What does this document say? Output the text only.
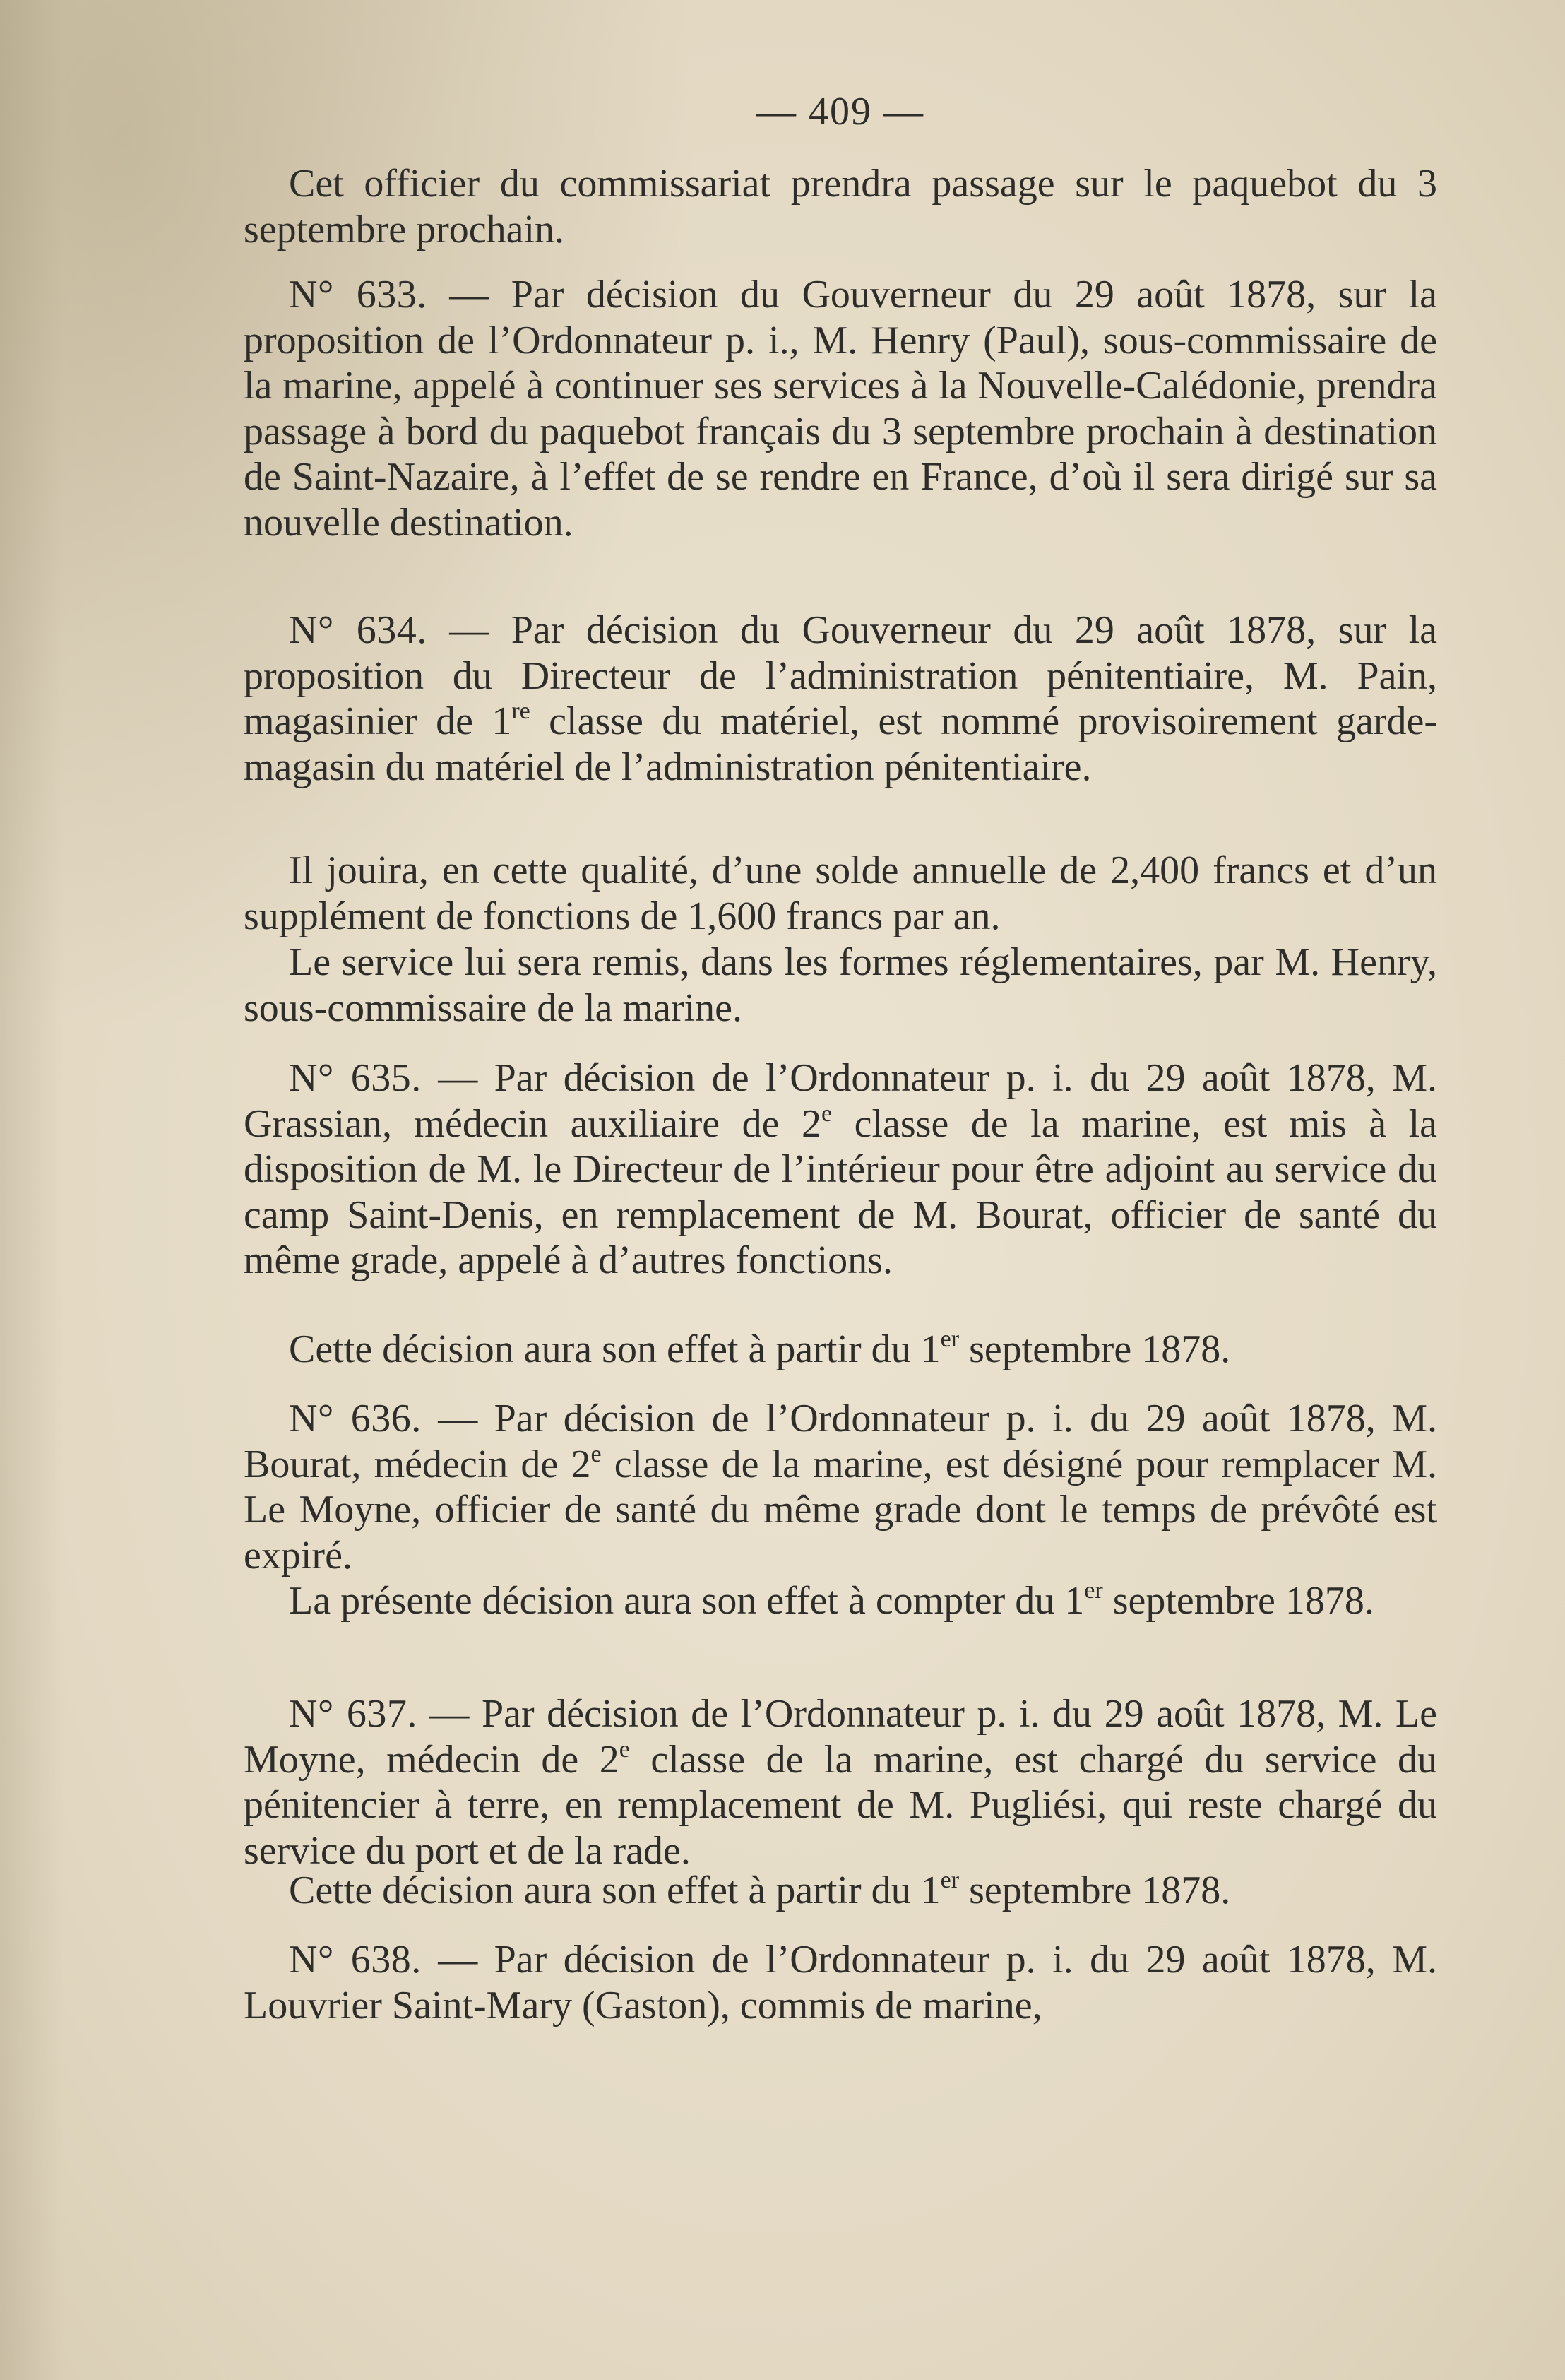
— 409 —

Cet officier du commissariat prendra passage sur le paquebot du 3 septembre prochain.

N° 633. — Par décision du Gouverneur du 29 août 1878, sur la proposition de l’Ordonnateur p. i., M. Henry (Paul), sous-commissaire de la marine, appelé à continuer ses services à la Nouvelle-Calédonie, prendra passage à bord du paquebot français du 3 septembre prochain à destination de Saint-Nazaire, à l’effet de se rendre en France, d’où il sera dirigé sur sa nouvelle destination.

N° 634. — Par décision du Gouverneur du 29 août 1878, sur la proposition du Directeur de l’administration pénitentiaire, M. Pain, magasinier de 1re classe du matériel, est nommé provisoirement garde-magasin du matériel de l’administration pénitentiaire.

Il jouira, en cette qualité, d’une solde annuelle de 2,400 francs et d’un supplément de fonctions de 1,600 francs par an.

Le service lui sera remis, dans les formes réglementaires, par M. Henry, sous-commissaire de la marine.

N° 635. — Par décision de l’Ordonnateur p. i. du 29 août 1878, M. Grassian, médecin auxiliaire de 2e classe de la marine, est mis à la disposition de M. le Directeur de l’intérieur pour être adjoint au service du camp Saint-Denis, en remplacement de M. Bourat, officier de santé du même grade, appelé à d’autres fonctions.

Cette décision aura son effet à partir du 1er septembre 1878.

N° 636. — Par décision de l’Ordonnateur p. i. du 29 août 1878, M. Bourat, médecin de 2e classe de la marine, est désigné pour remplacer M. Le Moyne, officier de santé du même grade dont le temps de prévôté est expiré.

La présente décision aura son effet à compter du 1er septembre 1878.

N° 637. — Par décision de l’Ordonnateur p. i. du 29 août 1878, M. Le Moyne, médecin de 2e classe de la marine, est chargé du service du pénitencier à terre, en remplacement de M. Pugliési, qui reste chargé du service du port et de la rade.

Cette décision aura son effet à partir du 1er septembre 1878.

N° 638. — Par décision de l’Ordonnateur p. i. du 29 août 1878, M. Louvrier Saint-Mary (Gaston), commis de marine,
